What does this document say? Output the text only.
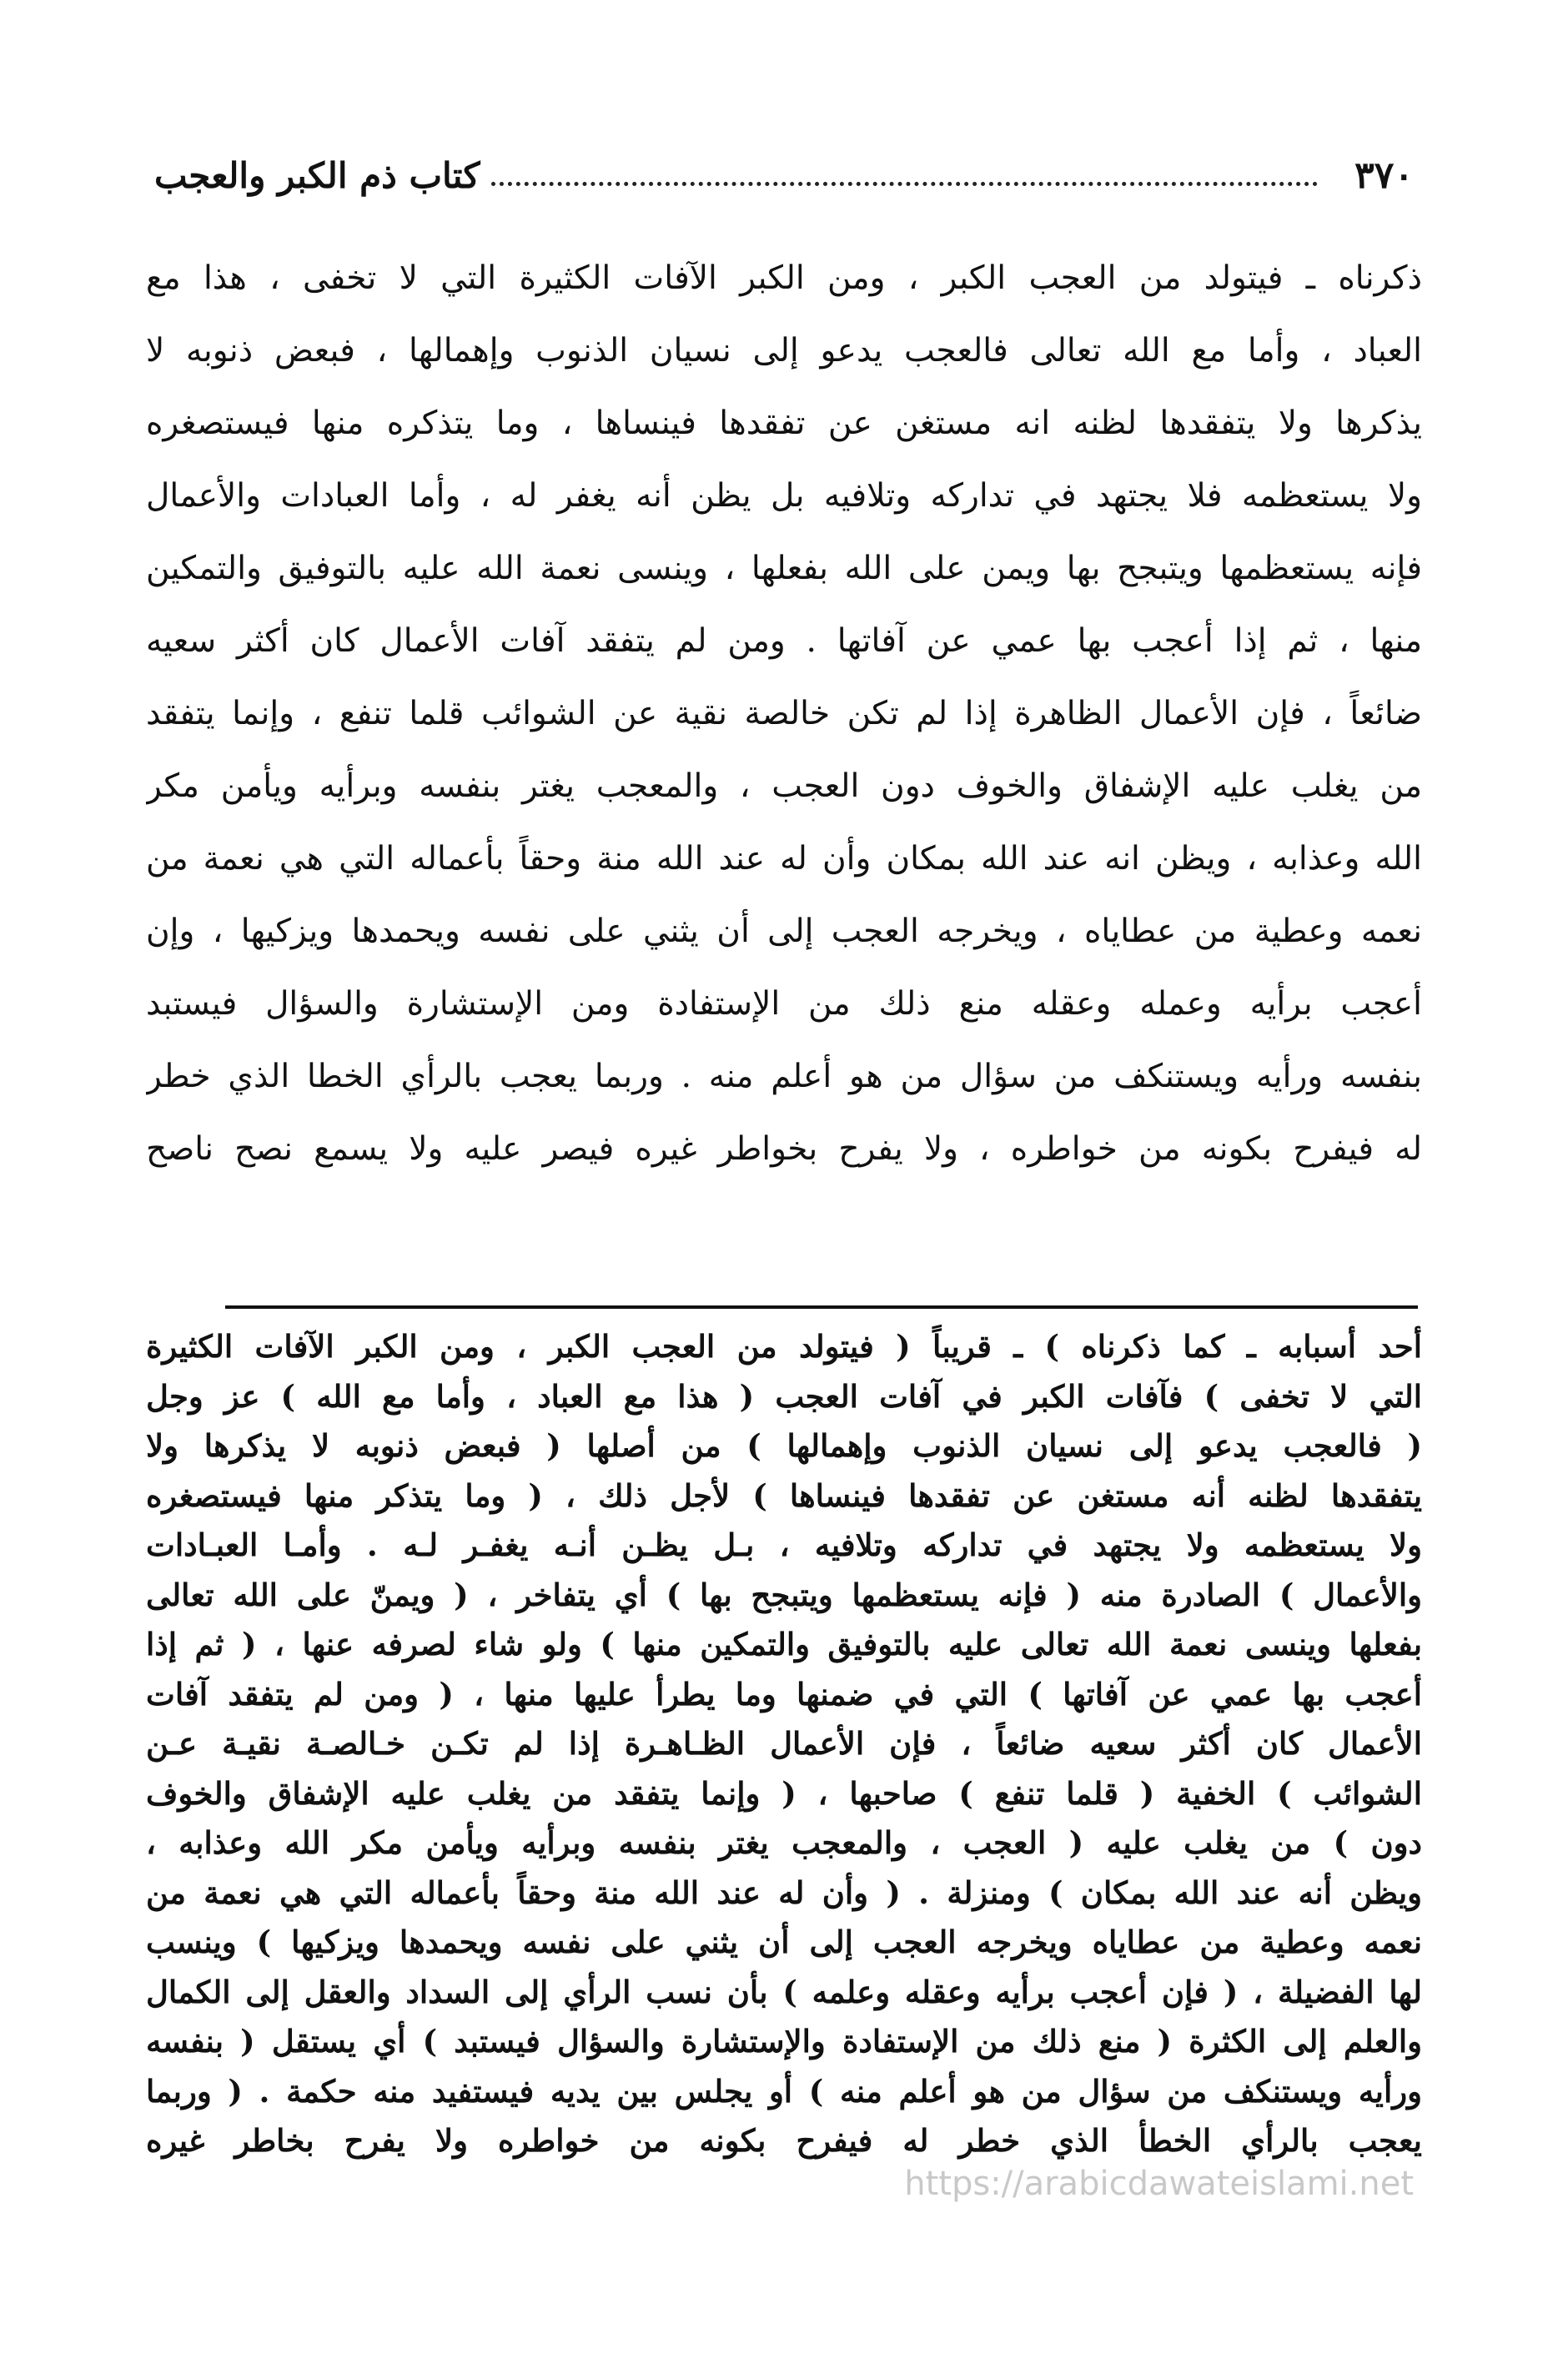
٣٧٠
كتاب ذم الكبر والعجب
ذكرناه ـ فيتولد من العجب الكبر ، ومن الكبر الآفات الكثيرة التي لا تخفى ، هذا مع
العباد ، وأما مع الله تعالى فالعجب يدعو إلى نسيان الذنوب وإهمالها ، فبعض ذنوبه لا
يذكرها ولا يتفقدها لظنه انه مستغن عن تفقدها فينساها ، وما يتذكره منها فيستصغره
ولا يستعظمه فلا يجتهد في تداركه وتلافيه بل يظن أنه يغفر له ، وأما العبادات والأعمال
فإنه يستعظمها ويتبجح بها ويمن على الله بفعلها ، وينسى نعمة الله عليه بالتوفيق والتمكين
منها ، ثم إذا أعجب بها عمي عن آفاتها . ومن لم يتفقد آفات الأعمال كان أكثر سعيه
ضائعاً ، فإن الأعمال الظاهرة إذا لم تكن خالصة نقية عن الشوائب قلما تنفع ، وإنما يتفقد
من يغلب عليه الإشفاق والخوف دون العجب ، والمعجب يغتر بنفسه وبرأيه ويأمن مكر
الله وعذابه ، ويظن انه عند الله بمكان وأن له عند الله منة وحقاً بأعماله التي هي نعمة من
نعمه وعطية من عطاياه ، ويخرجه العجب إلى أن يثني على نفسه ويحمدها ويزكيها ، وإن
أعجب برأيه وعمله وعقله منع ذلك من الإستفادة ومن الإستشارة والسؤال فيستبد
بنفسه ورأيه ويستنكف من سؤال من هو أعلم منه . وربما يعجب بالرأي الخطا الذي خطر
له فيفرح بكونه من خواطره ، ولا يفرح بخواطر غيره فيصر عليه ولا يسمع نصح ناصح
أحد أسبابه ـ كما ذكرناه ) ـ قريباً ( فيتولد من العجب الكبر ، ومن الكبر الآفات الكثيرة
التي لا تخفى ) فآفات الكبر في آفات العجب ( هذا مع العباد ، وأما مع الله ) عز وجل
( فالعجب يدعو إلى نسيان الذنوب وإهمالها ) من أصلها ( فبعض ذنوبه لا يذكرها ولا
يتفقدها لظنه أنه مستغن عن تفقدها فينساها ) لأجل ذلك ، ( وما يتذكر منها فيستصغره
ولا يستعظمه ولا يجتهد في تداركه وتلافيه ، بـل يظـن أنـه يغفـر لـه . وأمـا العبـادات
والأعمال ) الصادرة منه ( فإنه يستعظمها ويتبجح بها ) أي يتفاخر ، ( ويمنّ على الله تعالى
بفعلها وينسى نعمة الله تعالى عليه بالتوفيق والتمكين منها ) ولو شاء لصرفه عنها ، ( ثم إذا
أعجب بها عمي عن آفاتها ) التي في ضمنها وما يطرأ عليها منها ، ( ومن لم يتفقد آفات
الأعمال كان أكثر سعيه ضائعاً ، فإن الأعمال الظـاهـرة إذا لم تكـن خـالصـة نقيـة عـن
الشوائب ) الخفية ( قلما تنفع ) صاحبها ، ( وإنما يتفقد من يغلب عليه الإشفاق والخوف
دون ) من يغلب عليه ( العجب ، والمعجب يغتر بنفسه وبرأيه ويأمن مكر الله وعذابه ،
ويظن أنه عند الله بمكان ) ومنزلة . ( وأن له عند الله منة وحقاً بأعماله التي هي نعمة من
نعمه وعطية من عطاياه ويخرجه العجب إلى أن يثني على نفسه ويحمدها ويزكيها ) وينسب
لها الفضيلة ، ( فإن أعجب برأيه وعقله وعلمه ) بأن نسب الرأي إلى السداد والعقل إلى الكمال
والعلم إلى الكثرة ( منع ذلك من الإستفادة والإستشارة والسؤال فيستبد ) أي يستقل ( بنفسه
ورأيه ويستنكف من سؤال من هو أعلم منه ) أو يجلس بين يديه فيستفيد منه حكمة . ( وربما
يعجب بالرأي الخطأ الذي خطر له فيفرح بكونه من خواطره ولا يفرح بخاطر غيره
https://arabicdawateislami.net
